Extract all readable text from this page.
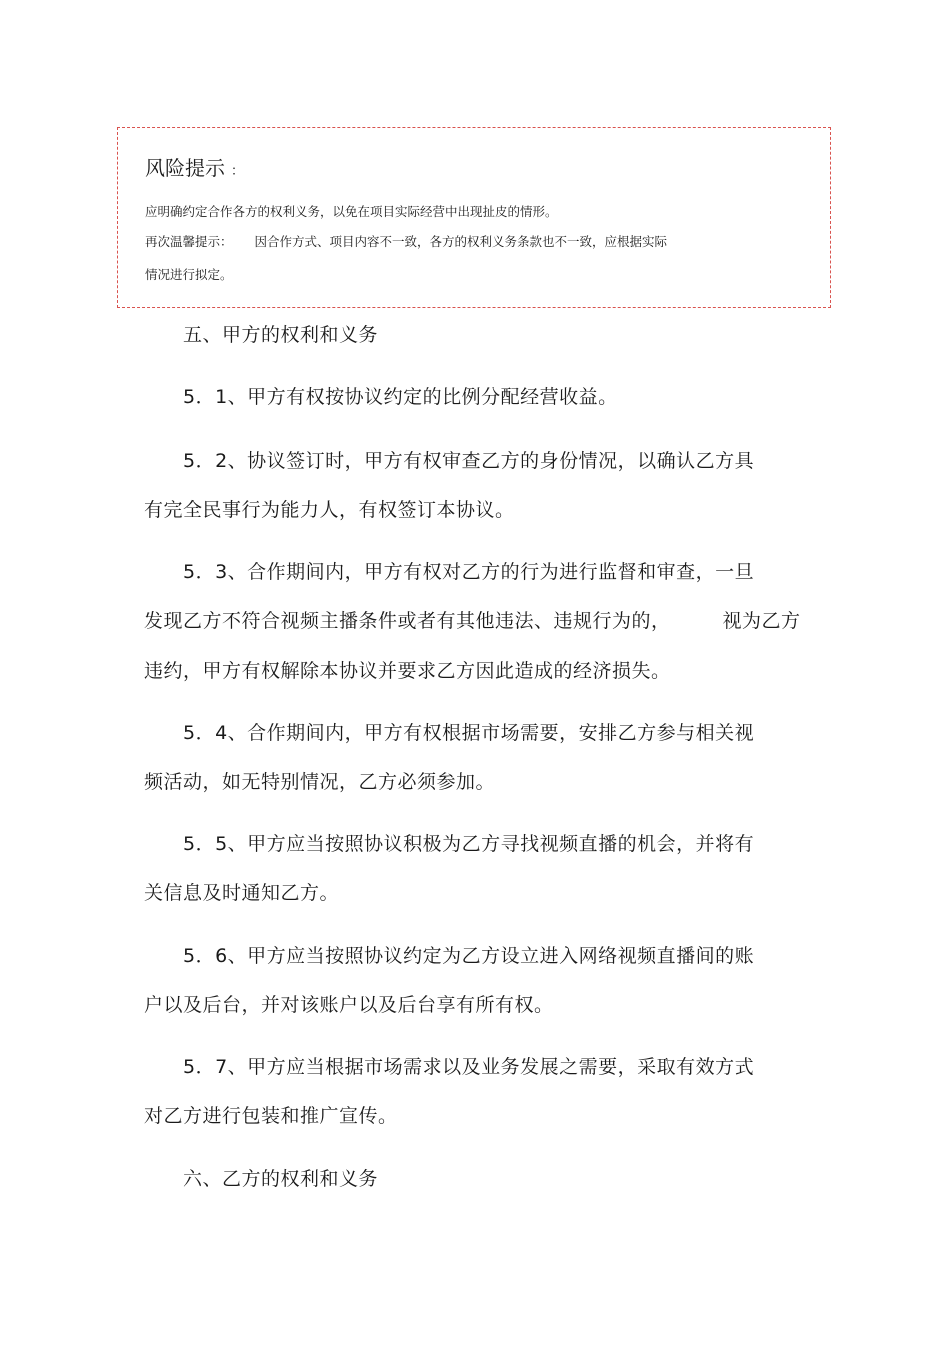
风险提示 ：
应明确约定合作各方的权利义务，以免在项目实际经营中出现扯皮的情形。
再次温馨提示： 因合作方式、项目内容不一致，各方的权利义务条款也不一致，应根据实际
情况进行拟定。
五、甲方的权利和义务
5．1、甲方有权按协议约定的比例分配经营收益。
5．2、协议签订时，甲方有权审查乙方的身份情况，以确认乙方具
有完全民事行为能力人，有权签订本协议。
5．3、合作期间内，甲方有权对乙方的行为进行监督和审查，一旦
发现乙方不符合视频主播条件或者有其他违法、违规行为的，	视为乙方
违约，甲方有权解除本协议并要求乙方因此造成的经济损失。
5．4、合作期间内，甲方有权根据市场需要，安排乙方参与相关视
频活动，如无特别情况，乙方必须参加。
5．5、甲方应当按照协议积极为乙方寻找视频直播的机会，并将有
关信息及时通知乙方。
5．6、甲方应当按照协议约定为乙方设立进入网络视频直播间的账
户以及后台，并对该账户以及后台享有所有权。
5．7、甲方应当根据市场需求以及业务发展之需要，采取有效方式
对乙方进行包装和推广宣传。
六、乙方的权利和义务
